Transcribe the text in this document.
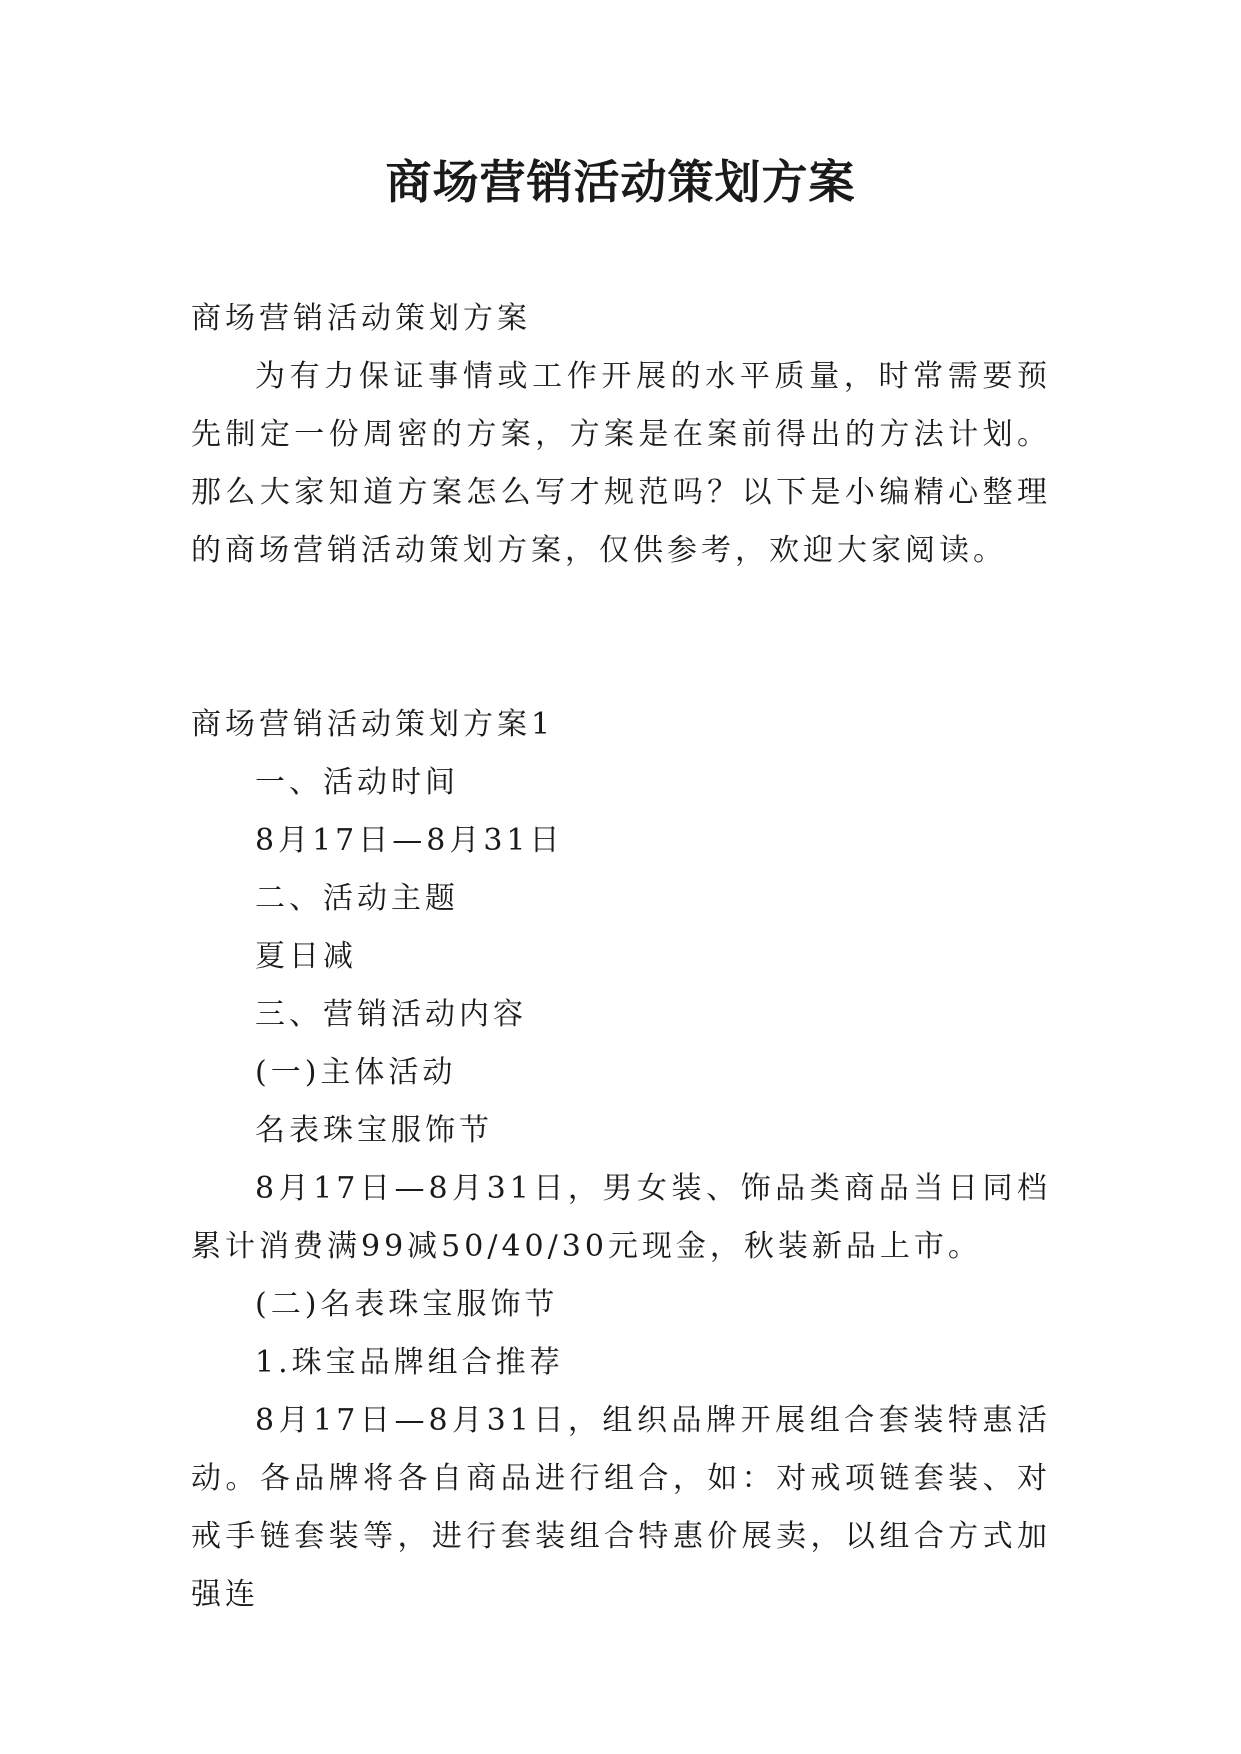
商场营销活动策划方案

商场营销活动策划方案

为有力保证事情或工作开展的水平质量，时常需要预先制定一份周密的方案，方案是在案前得出的方法计划。那么大家知道方案怎么写才规范吗？以下是小编精心整理的商场营销活动策划方案，仅供参考，欢迎大家阅读。

商场营销活动策划方案1

一、活动时间

8月17日—8月31日

二、活动主题

夏日减

三、营销活动内容

(一)主体活动

名表珠宝服饰节

8月17日—8月31日，男女装、饰品类商品当日同档累计消费满99减50/40/30元现金，秋装新品上市。

(二)名表珠宝服饰节

1.珠宝品牌组合推荐

8月17日—8月31日，组织品牌开展组合套装特惠活动。各品牌将各自商品进行组合，如：对戒项链套装、对戒手链套装等，进行套装组合特惠价展卖，以组合方式加强连
